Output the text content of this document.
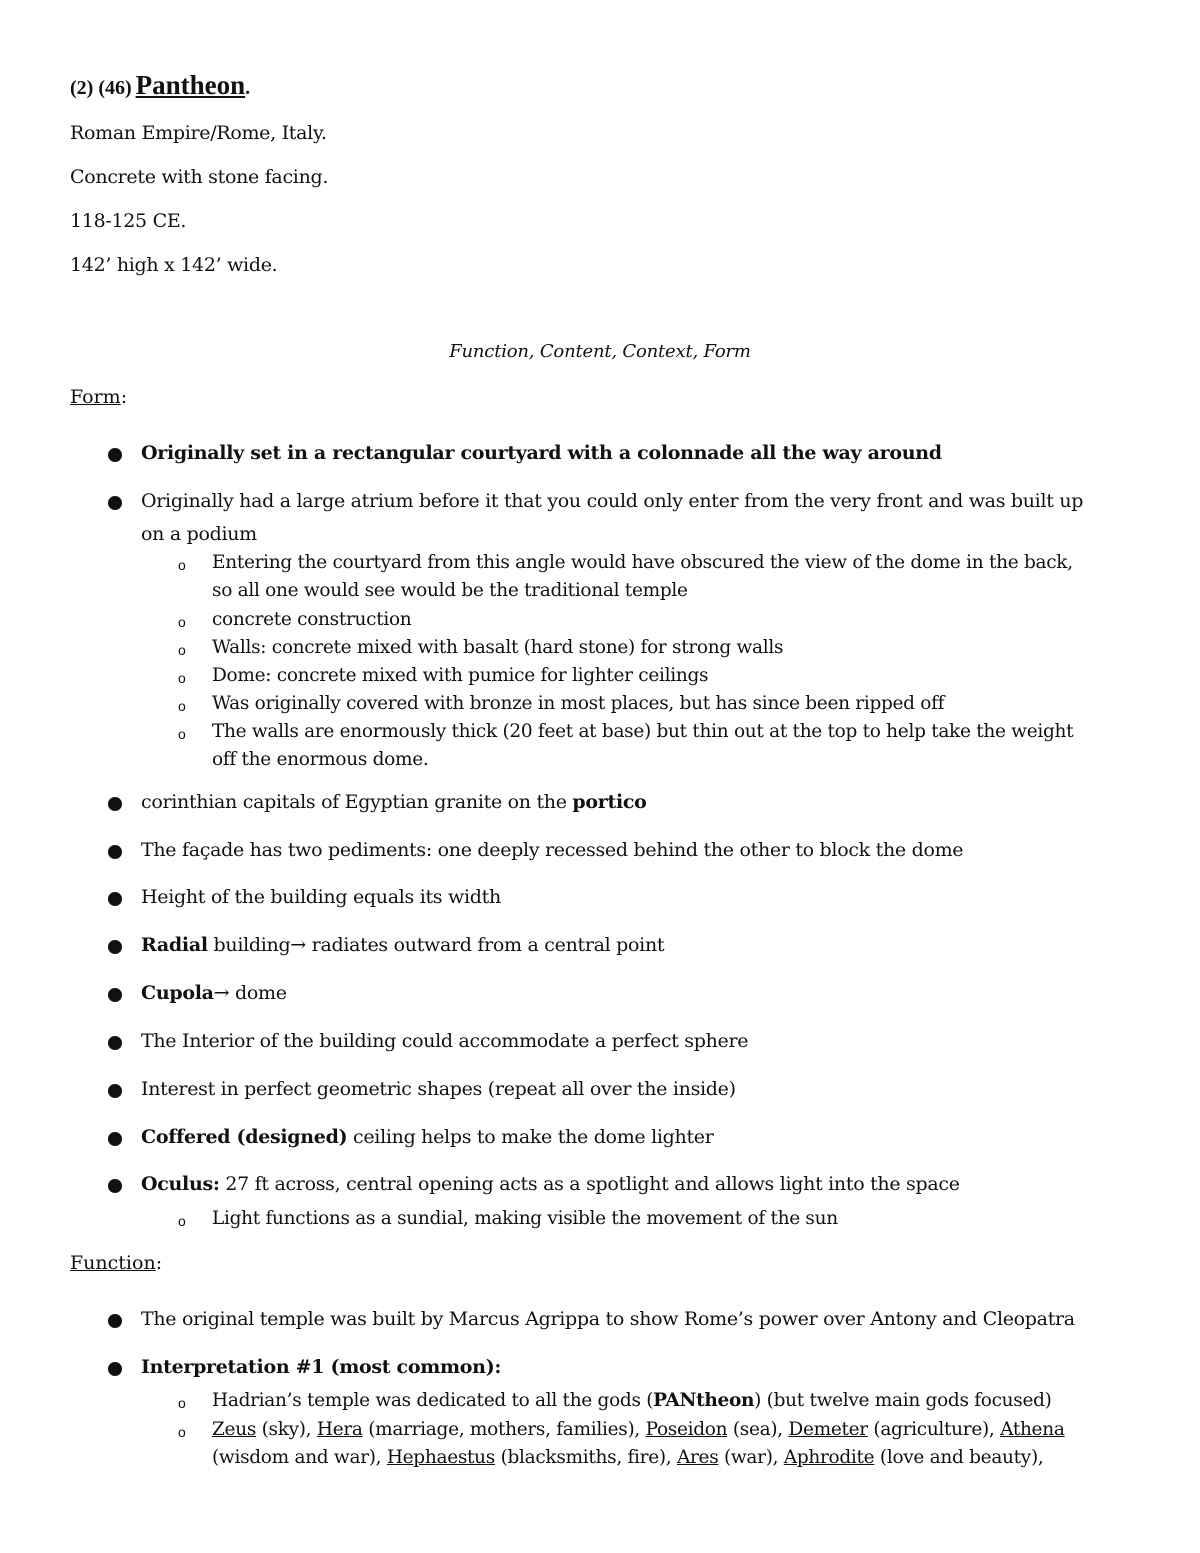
(2) (46) Pantheon.
Roman Empire/Rome, Italy.
Concrete with stone facing.
118-125 CE.
142’ high x 142’ wide.
Function, Content, Context, Form
Form:
Originally set in a rectangular courtyard with a colonnade all the way around
Originally had a large atrium before it that you could only enter from the very front and was built up
on a podium
o Entering the courtyard from this angle would have obscured the view of the dome in the back,
so all one would see would be the traditional temple
o concrete construction
o Walls: concrete mixed with basalt (hard stone) for strong walls
o Dome: concrete mixed with pumice for lighter ceilings
o Was originally covered with bronze in most places, but has since been ripped off
o The walls are enormously thick (20 feet at base) but thin out at the top to help take the weight
off the enormous dome.
corinthian capitals of Egyptian granite on the portico
The façade has two pediments: one deeply recessed behind the other to block the dome
Height of the building equals its width
Radial building→ radiates outward from a central point
Cupola→ dome
The Interior of the building could accommodate a perfect sphere
Interest in perfect geometric shapes (repeat all over the inside)
Coffered (designed) ceiling helps to make the dome lighter
Oculus: 27 ft across, central opening acts as a spotlight and allows light into the space
o Light functions as a sundial, making visible the movement of the sun
Function:
The original temple was built by Marcus Agrippa to show Rome’s power over Antony and Cleopatra
Interpretation #1 (most common):
o Hadrian’s temple was dedicated to all the gods (PANtheon) (but twelve main gods focused)
o Zeus (sky), Hera (marriage, mothers, families), Poseidon (sea), Demeter (agriculture), Athena
(wisdom and war), Hephaestus (blacksmiths, fire), Ares (war), Aphrodite (love and beauty),
